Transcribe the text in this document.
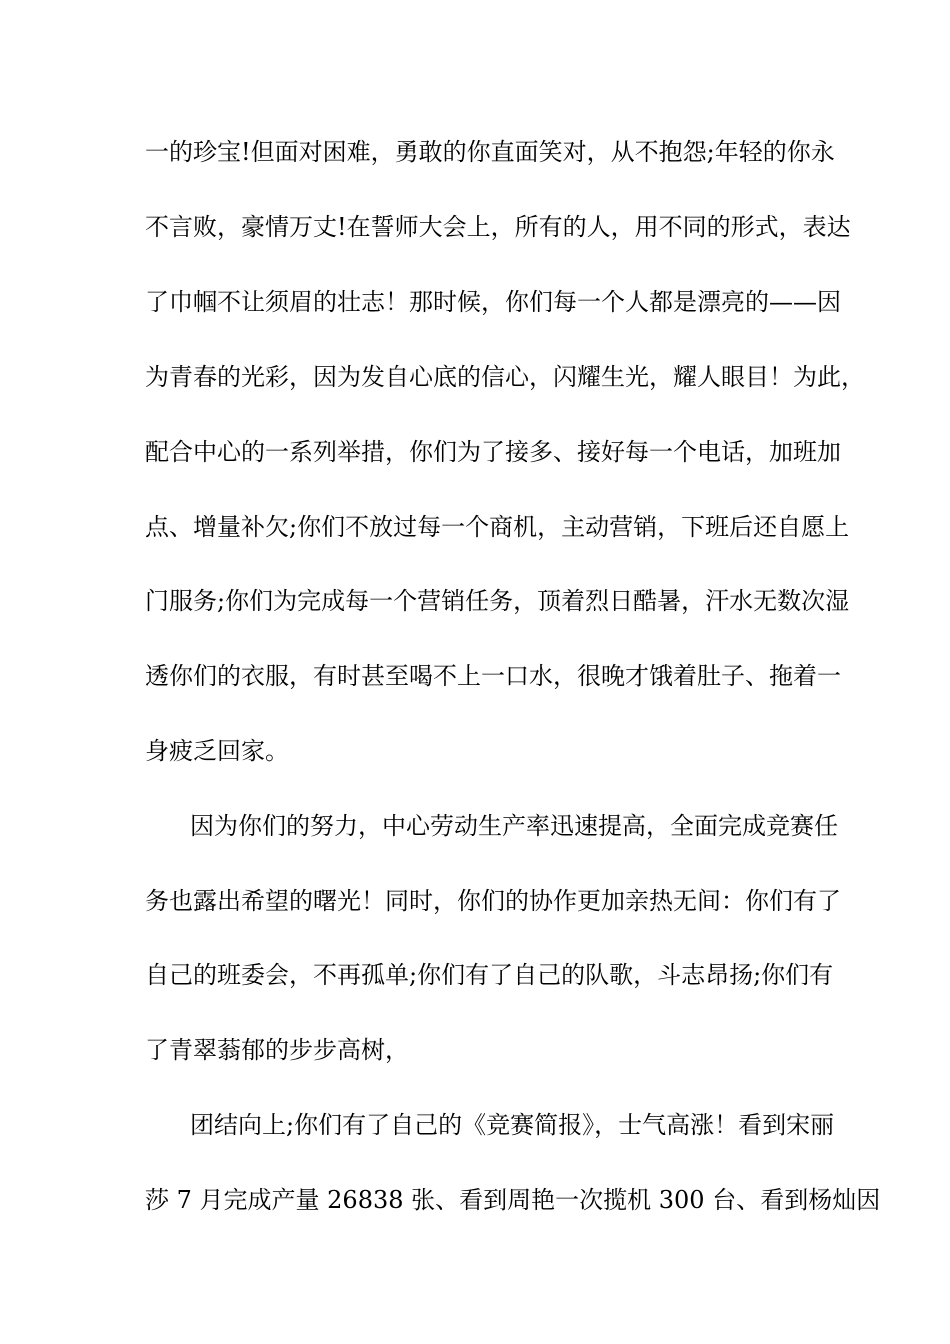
一的珍宝!但面对困难，勇敢的你直面笑对，从不抱怨;年轻的你永
不言败，豪情万丈!在誓师大会上，所有的人，用不同的形式，表达
了巾帼不让须眉的壮志！那时候，你们每一个人都是漂亮的——因
为青春的光彩，因为发自心底的信心，闪耀生光，耀人眼目！为此，
配合中心的一系列举措，你们为了接多、接好每一个电话，加班加
点、增量补欠;你们不放过每一个商机，主动营销，下班后还自愿上
门服务;你们为完成每一个营销任务，顶着烈日酷暑，汗水无数次湿
透你们的衣服，有时甚至喝不上一口水，很晚才饿着肚子、拖着一
身疲乏回家。
因为你们的努力，中心劳动生产率迅速提高，全面完成竞赛任
务也露出希望的曙光！同时，你们的协作更加亲热无间：你们有了
自己的班委会，不再孤单;你们有了自己的队歌，斗志昂扬;你们有
了青翠蓊郁的步步高树，
团结向上;你们有了自己的《竞赛简报》，士气高涨！看到宋丽
莎 7 月完成产量 26838 张、看到周艳一次揽机 300 台、看到杨灿因
